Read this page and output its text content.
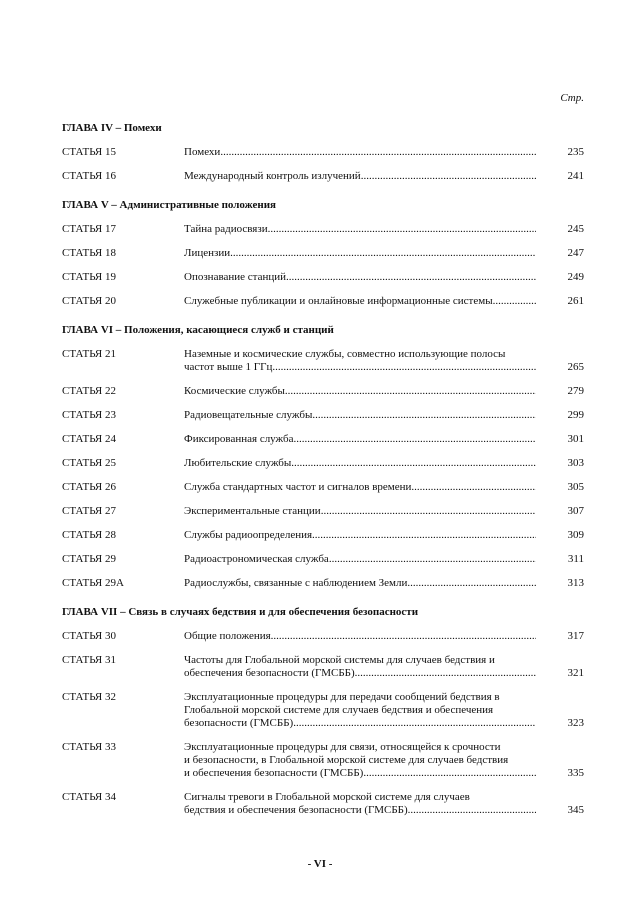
Стр.
ГЛАВА IV – Помехи
СТАТЬЯ 15	Помехи .....	235
СТАТЬЯ 16	Международный контроль излучений .....	241
ГЛАВА V – Административные положения
СТАТЬЯ 17	Тайна радиосвязи .....	245
СТАТЬЯ 18	Лицензии .....	247
СТАТЬЯ 19	Опознавание станций .....	249
СТАТЬЯ 20	Служебные публикации и онлайновые информационные системы .....	261
ГЛАВА VI – Положения, касающиеся служб и станций
СТАТЬЯ 21	Наземные и космические службы, совместно использующие полосы
частот выше 1 ГГц .....	265
СТАТЬЯ 22	Космические службы .....	279
СТАТЬЯ 23	Радиовещательные службы .....	299
СТАТЬЯ 24	Фиксированная служба .....	301
СТАТЬЯ 25	Любительские службы .....	303
СТАТЬЯ 26	Служба стандартных частот и сигналов времени .....	305
СТАТЬЯ 27	Экспериментальные станции .....	307
СТАТЬЯ 28	Службы радиоопределения .....	309
СТАТЬЯ 29	Радиоастрономическая служба .....	311
СТАТЬЯ 29A	Радиослужбы, связанные с наблюдением Земли .....	313
ГЛАВА VII – Связь в случаях бедствия и для обеспечения безопасности
СТАТЬЯ 30	Общие положения .....	317
СТАТЬЯ 31	Частоты для Глобальной морской системы для случаев бедствия и
обеспечения безопасности (ГМСББ) .....	321
СТАТЬЯ 32	Эксплуатационные процедуры для передачи сообщений бедствия в
Глобальной морской системе для случаев бедствия и обеспечения
безопасности (ГМСББ) .....	323
СТАТЬЯ 33	Эксплуатационные процедуры для связи, относящейся к срочности
и безопасности, в Глобальной морской системе для случаев бедствия
и обеспечения безопасности (ГМСББ) .....	335
СТАТЬЯ 34	Сигналы тревоги в Глобальной морской системе для случаев
бедствия и обеспечения безопасности (ГМСББ) .....	345
- VI -
